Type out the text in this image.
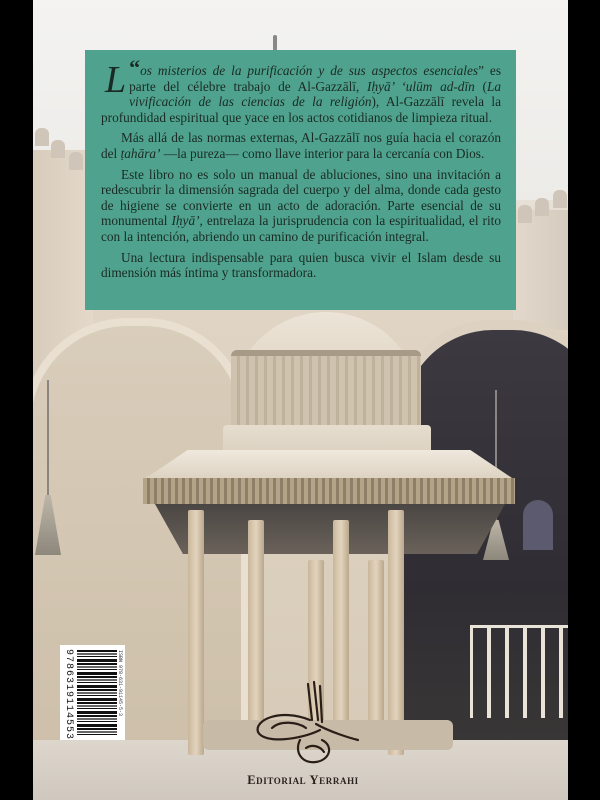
“
L os misterios de la purificación y de sus aspectos esenciales” es parte del célebre trabajo de Al-Gazzālī, Iḥyā’ ‘ulūm ad-dīn (La vivificación de las ciencias de la religión), Al-Gazzālī revela la profundidad espiritual que yace en los actos cotidianos de limpieza ritual.

Más allá de las normas externas, Al-Gazzālī nos guía hacia el corazón del ṭahāra’ —la pureza— como llave interior para la cercanía con Dios.

Este libro no es solo un manual de abluciones, sino una invitación a redescubrir la dimensión sagrada del cuerpo y del alma, donde cada gesto de higiene se convierte en un acto de adoración. Parte esencial de su monumental Iḥyā’, entrelaza la jurisprudencia con la espiritualidad, el rito con la intención, abriendo un camino de purificación integral.

Una lectura indispensable para quien busca vivir el Islam desde su dimensión más íntima y transformadora.

9786319114553	ISBN 978-631-91145-5-3
Editorial Yerrahi
